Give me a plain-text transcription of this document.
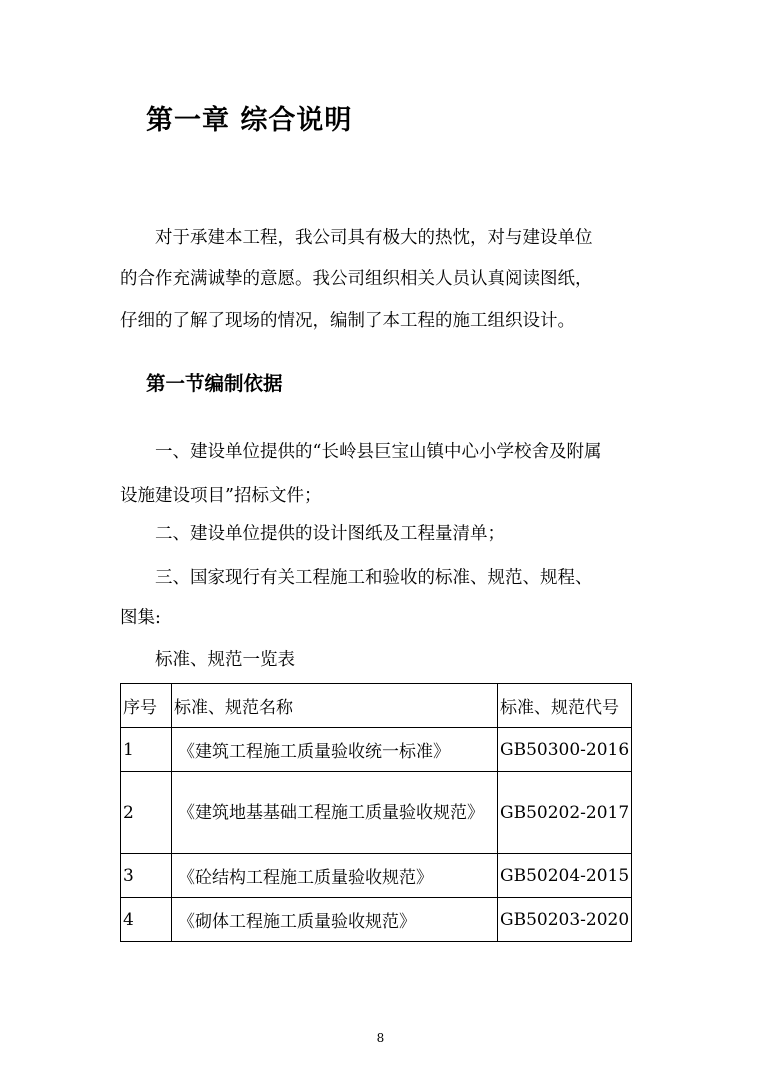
第一章 综合说明
　　对于承建本工程，我公司具有极大的热忱，对与建设单位
的合作充满诚挚的意愿。我公司组织相关人员认真阅读图纸，
仔细的了解了现场的情况，编制了本工程的施工组织设计。
第一节编制依据
　　一、建设单位提供的“长岭县巨宝山镇中心小学校舍及附属
设施建设项目”招标文件；
　　二、建设单位提供的设计图纸及工程量清单；
　　三、国家现行有关工程施工和验收的标准、规范、规程、
图集:
　　标准、规范一览表
序号	标准、规范名称	标准、规范代号
1	《建筑工程施工质量验收统一标准》	GB50300-2016
2	《建筑地基基础工程施工质量验收规范》	GB50202-2017
3	《砼结构工程施工质量验收规范》	GB50204-2015
4	《砌体工程施工质量验收规范》	GB50203-2020
8
